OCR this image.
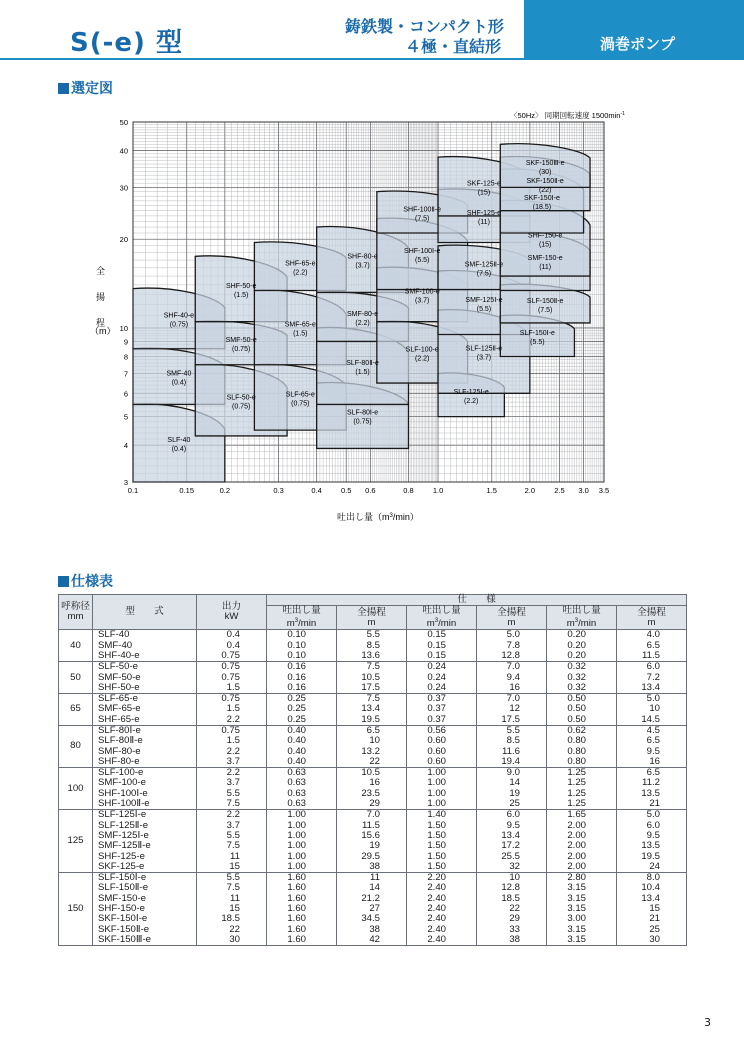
S(-e) 型
鋳鉄製・コンパクト形
４極・直結形	渦巻ポンプ
選定図
SLF-40
(0.4)
SMF-40
(0.4)
SHF-40-e
(0.75)
SLF-50-e
(0.75)
SMF-50-e
(0.75)
SHF-50-e
(1.5)
SLF-65-e
(0.75)
SMF-65-e
(1.5)
SHF-65-e
(2.2)
SLF-80Ⅰ-e
(0.75)
SLF-80Ⅱ-e
(1.5)
SMF-80-e
(2.2)
SHF-80-e
(3.7)
SLF-100-e
(2.2)
SMF-100-e
(3.7)
SHF-100Ⅰ-e
(5.5)
SHF-100Ⅱ-e
(7.5)
SLF-125Ⅰ-e
(2.2)
SLF-125Ⅱ-e
(3.7)
SMF-125Ⅰ-e
(5.5)
SMF-125Ⅱ-e
(7.5)
SHF-125-e
(11)
SKF-125-e
(15)
SLF-150Ⅰ-e
(5.5)
SLF-150Ⅱ-e
(7.5)
SMF-150-e
(11)
SHF-150-e
(15)
SKF-150Ⅰ-e
(18.5)
SKF-150Ⅱ-e
(22)
SKF-150Ⅲ-e
(30)
0.1	0.15	0.2	0.3	0.4	0.5 0.6	0.8	1.0	1.5	2.0	2.5 3.0 3.5
3
4
5
6
7
8
9
10
20
30
40
50
〈50Hz〉 同期回転速度 $1500\min^{-1}$
全
揚
程
（m）
吐出し量$(m^3/\min)$
仕様表
呼称径
mm	型　　式	出力
kW	仕　　様					
			吐出し量
$m^3/\min$	全揚程
m	吐出し量
$m^3/\min$	全揚程
m	吐出し量
$m^3/\min$	全揚程
m
40	SLF-40	0.4	0.10	5.5	0.15	5.0	0.20	4.0
	SMF-40	0.4	0.10	8.5	0.15	7.8	0.20	6.5
	SHF-40-e	0.75	0.10	13.6	0.15	12.8	0.20	11.5
50	SLF-50-e	0.75	0.16	7.5	0.24	7.0	0.32	6.0
	SMF-50-e	0.75	0.16	10.5	0.24	9.4	0.32	7.2
	SHF-50-e	1.5	0.16	17.5	0.24	16	0.32	13.4
65	SLF-65-e	0.75	0.25	7.5	0.37	7.0	0.50	5.0
	SMF-65-e	1.5	0.25	13.4	0.37	12	0.50	10
	SHF-65-e	2.2	0.25	19.5	0.37	17.5	0.50	14.5
80	SLF-80Ⅰ-e	0.75	0.40	6.5	0.56	5.5	0.62	4.5
	SLF-80Ⅱ-e	1.5	0.40	10	0.60	8.5	0.80	6.5
	SMF-80-e	2.2	0.40	13.2	0.60	11.6	0.80	9.5
	SHF-80-e	3.7	0.40	22	0.60	19.4	0.80	16
100	SLF-100-e	2.2	0.63	10.5	1.00	9.0	1.25	6.5
	SMF-100-e	3.7	0.63	16	1.00	14	1.25	11.2
	SHF-100Ⅰ-e	5.5	0.63	23.5	1.00	19	1.25	13.5
	SHF-100Ⅱ-e	7.5	0.63	29	1.00	25	1.25	21
125	SLF-125Ⅰ-e	2.2	1.00	7.0	1.40	6.0	1.65	5.0
	SLF-125Ⅱ-e	3.7	1.00	11.5	1.50	9.5	2.00	6.0
	SMF-125Ⅰ-e	5.5	1.00	15.6	1.50	13.4	2.00	9.5
	SMF-125Ⅱ-e	7.5	1.00	19	1.50	17.2	2.00	13.5
	SHF-125-e	11	1.00	29.5	1.50	25.5	2.00	19.5
	SKF-125-e	15	1.00	38	1.50	32	2.00	24
150	SLF-150Ⅰ-e	5.5	1.60	11	2.20	10	2.80	8.0
	SLF-150Ⅱ-e	7.5	1.60	14	2.40	12.8	3.15	10.4
	SMF-150-e	11	1.60	21.2	2.40	18.5	3.15	13.4
	SHF-150-e	15	1.60	27	2.40	22	3.15	15
	SKF-150Ⅰ-e	18.5	1.60	34.5	2.40	29	3.00	21
	SKF-150Ⅱ-e	22	1.60	38	2.40	33	3.15	25
	SKF-150Ⅲ-e	30	1.60	42	2.40	38	3.15	30
3
